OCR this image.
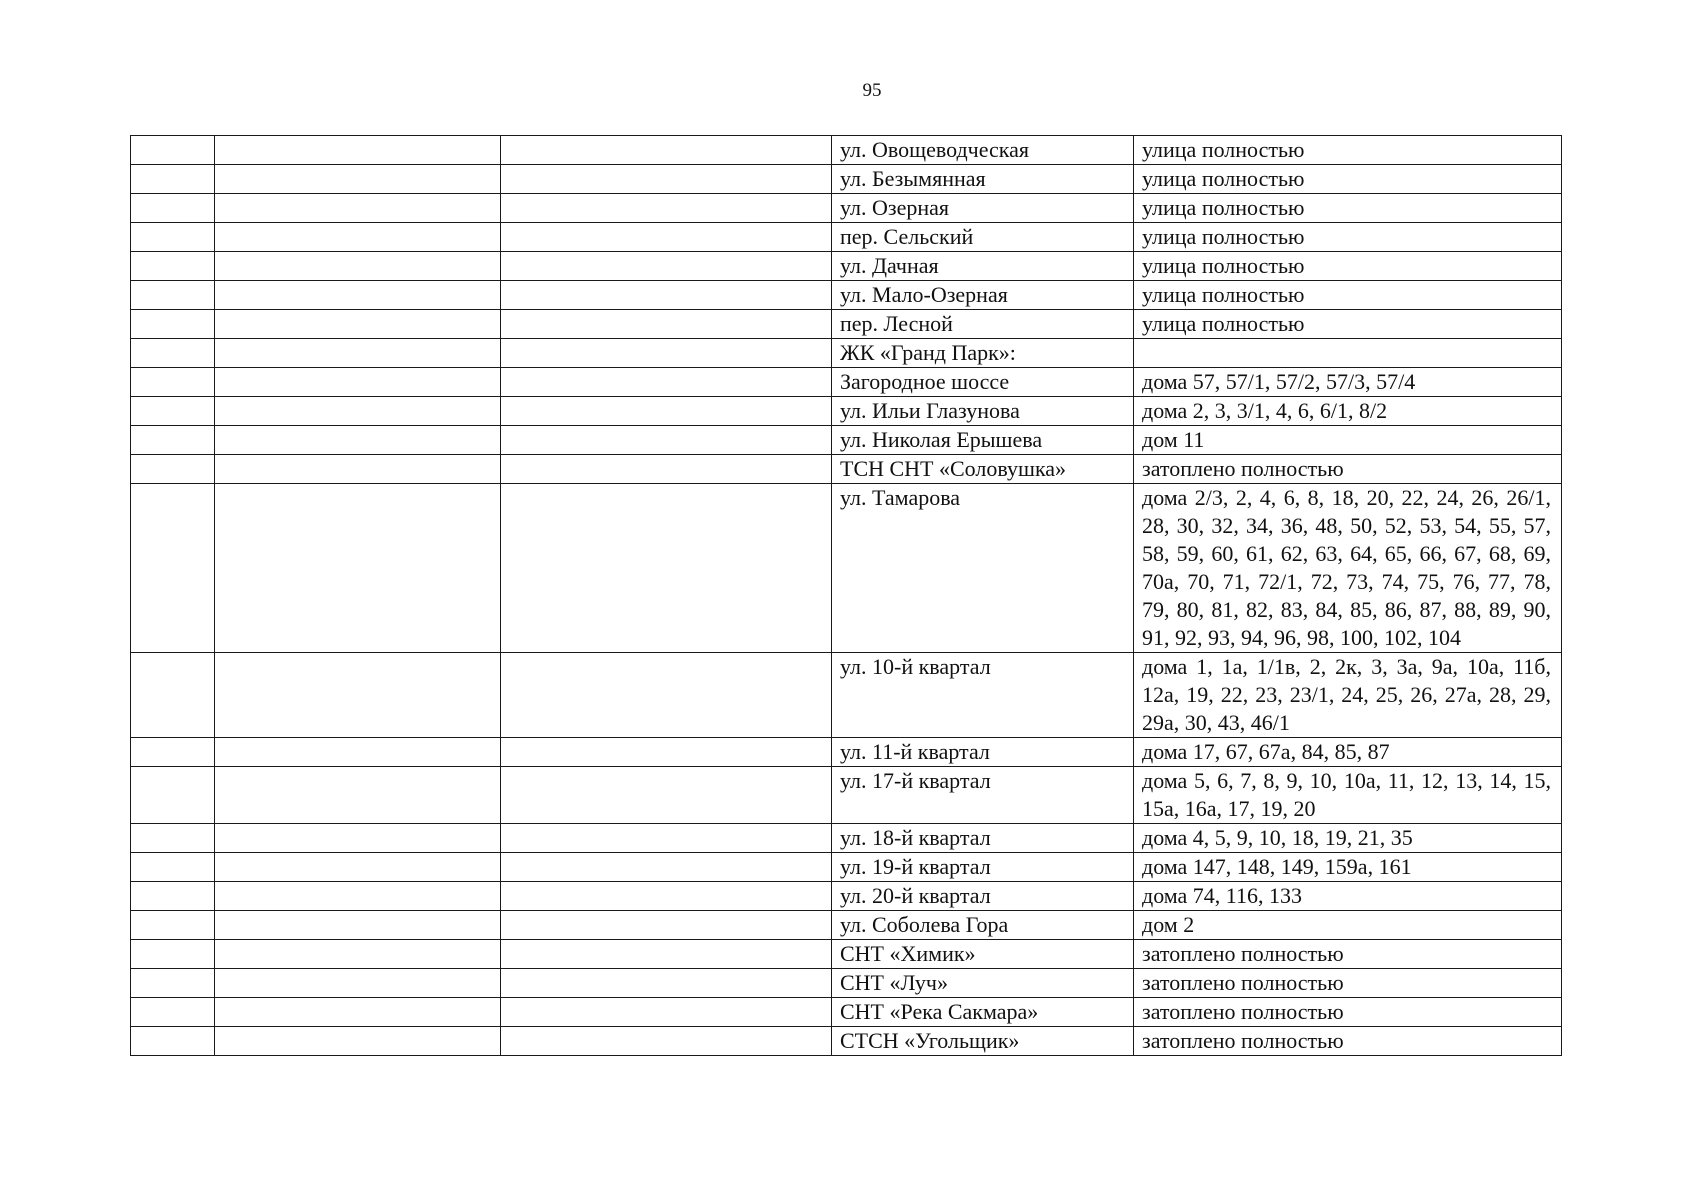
95
			ул. Овощеводческая	улица полностью
			ул. Безымянная	улица полностью
			ул. Озерная	улица полностью
			пер. Сельский	улица полностью
			ул. Дачная	улица полностью
			ул. Мало-Озерная	улица полностью
			пер. Лесной	улица полностью
			ЖК «Гранд Парк»:	
			Загородное шоссе	дома 57, 57/1, 57/2, 57/3, 57/4
			ул. Ильи Глазунова	дома 2, 3, 3/1, 4, 6, 6/1, 8/2
			ул. Николая Ерышева	дом 11
			ТСН СНТ «Соловушка»	затоплено полностью
			ул. Тамарова	дома 2/3, 2, 4, 6, 8, 18, 20, 22, 24, 26, 26/1, 28, 30, 32, 34, 36, 48, 50, 52, 53, 54, 55, 57, 58, 59, 60, 61, 62, 63, 64, 65, 66, 67, 68, 69, 70а, 70, 71, 72/1, 72, 73, 74, 75, 76, 77, 78, 79, 80, 81, 82, 83, 84, 85, 86, 87, 88, 89, 90, 91, 92, 93, 94, 96, 98, 100, 102, 104
			ул. 10-й квартал	дома 1, 1а, 1/1в, 2, 2к, 3, 3а, 9а, 10а, 11б, 12а, 19, 22, 23, 23/1, 24, 25, 26, 27а, 28, 29, 29а, 30, 43, 46/1
			ул. 11-й квартал	дома 17, 67, 67а, 84, 85, 87
			ул. 17-й квартал	дома 5, 6, 7, 8, 9, 10, 10а, 11, 12, 13, 14, 15, 15а, 16а, 17, 19, 20
			ул. 18-й квартал	дома 4, 5, 9, 10, 18, 19, 21, 35
			ул. 19-й квартал	дома 147, 148, 149, 159а, 161
			ул. 20-й квартал	дома 74, 116, 133
			ул. Соболева Гора	дом 2
			СНТ «Химик»	затоплено полностью
			СНТ «Луч»	затоплено полностью
			СНТ «Река Сакмара»	затоплено полностью
			СТСН «Угольщик»	затоплено полностью
